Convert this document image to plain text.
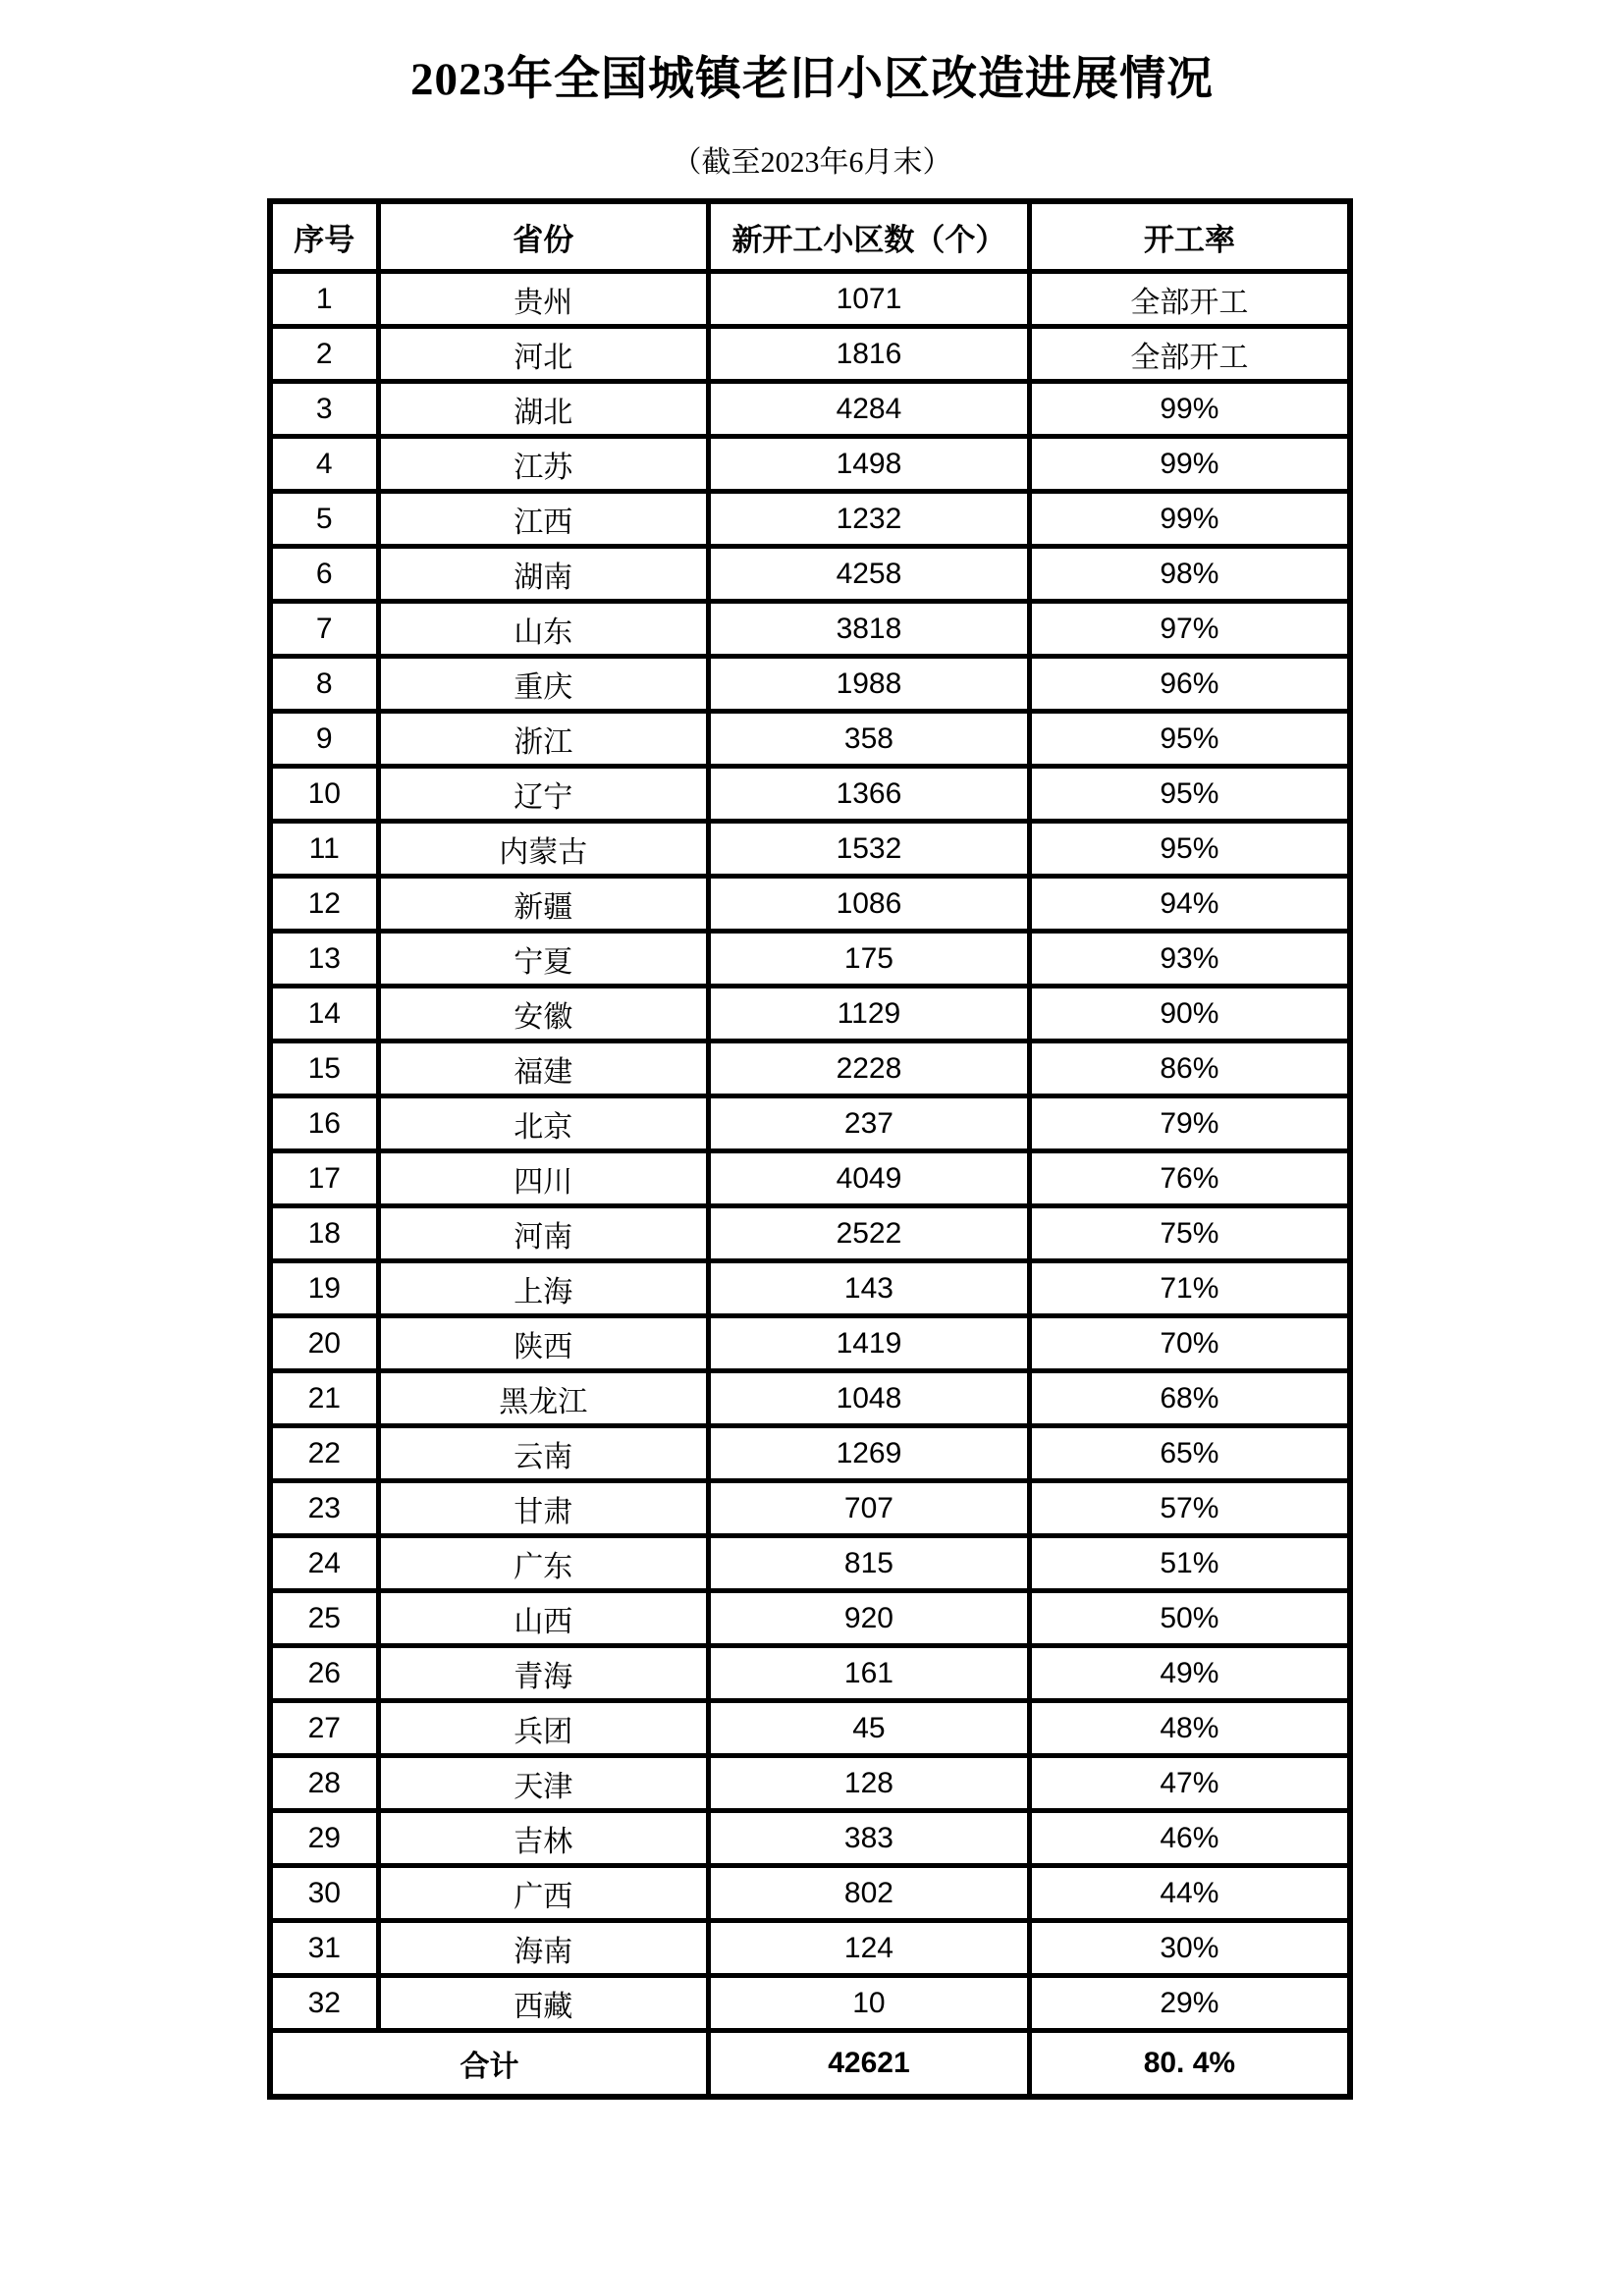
2023年全国城镇老旧小区改造进展情况
（截至2023年6月末）
序号	省份	新开工小区数（个）	开工率
1	贵州	1071	全部开工
2	河北	1816	全部开工
3	湖北	4284	99%
4	江苏	1498	99%
5	江西	1232	99%
6	湖南	4258	98%
7	山东	3818	97%
8	重庆	1988	96%
9	浙江	358	95%
10	辽宁	1366	95%
11	内蒙古	1532	95%
12	新疆	1086	94%
13	宁夏	175	93%
14	安徽	1129	90%
15	福建	2228	86%
16	北京	237	79%
17	四川	4049	76%
18	河南	2522	75%
19	上海	143	71%
20	陕西	1419	70%
21	黑龙江	1048	68%
22	云南	1269	65%
23	甘肃	707	57%
24	广东	815	51%
25	山西	920	50%
26	青海	161	49%
27	兵团	45	48%
28	天津	128	47%
29	吉林	383	46%
30	广西	802	44%
31	海南	124	30%
32	西藏	10	29%
合计		42621	80. 4%
